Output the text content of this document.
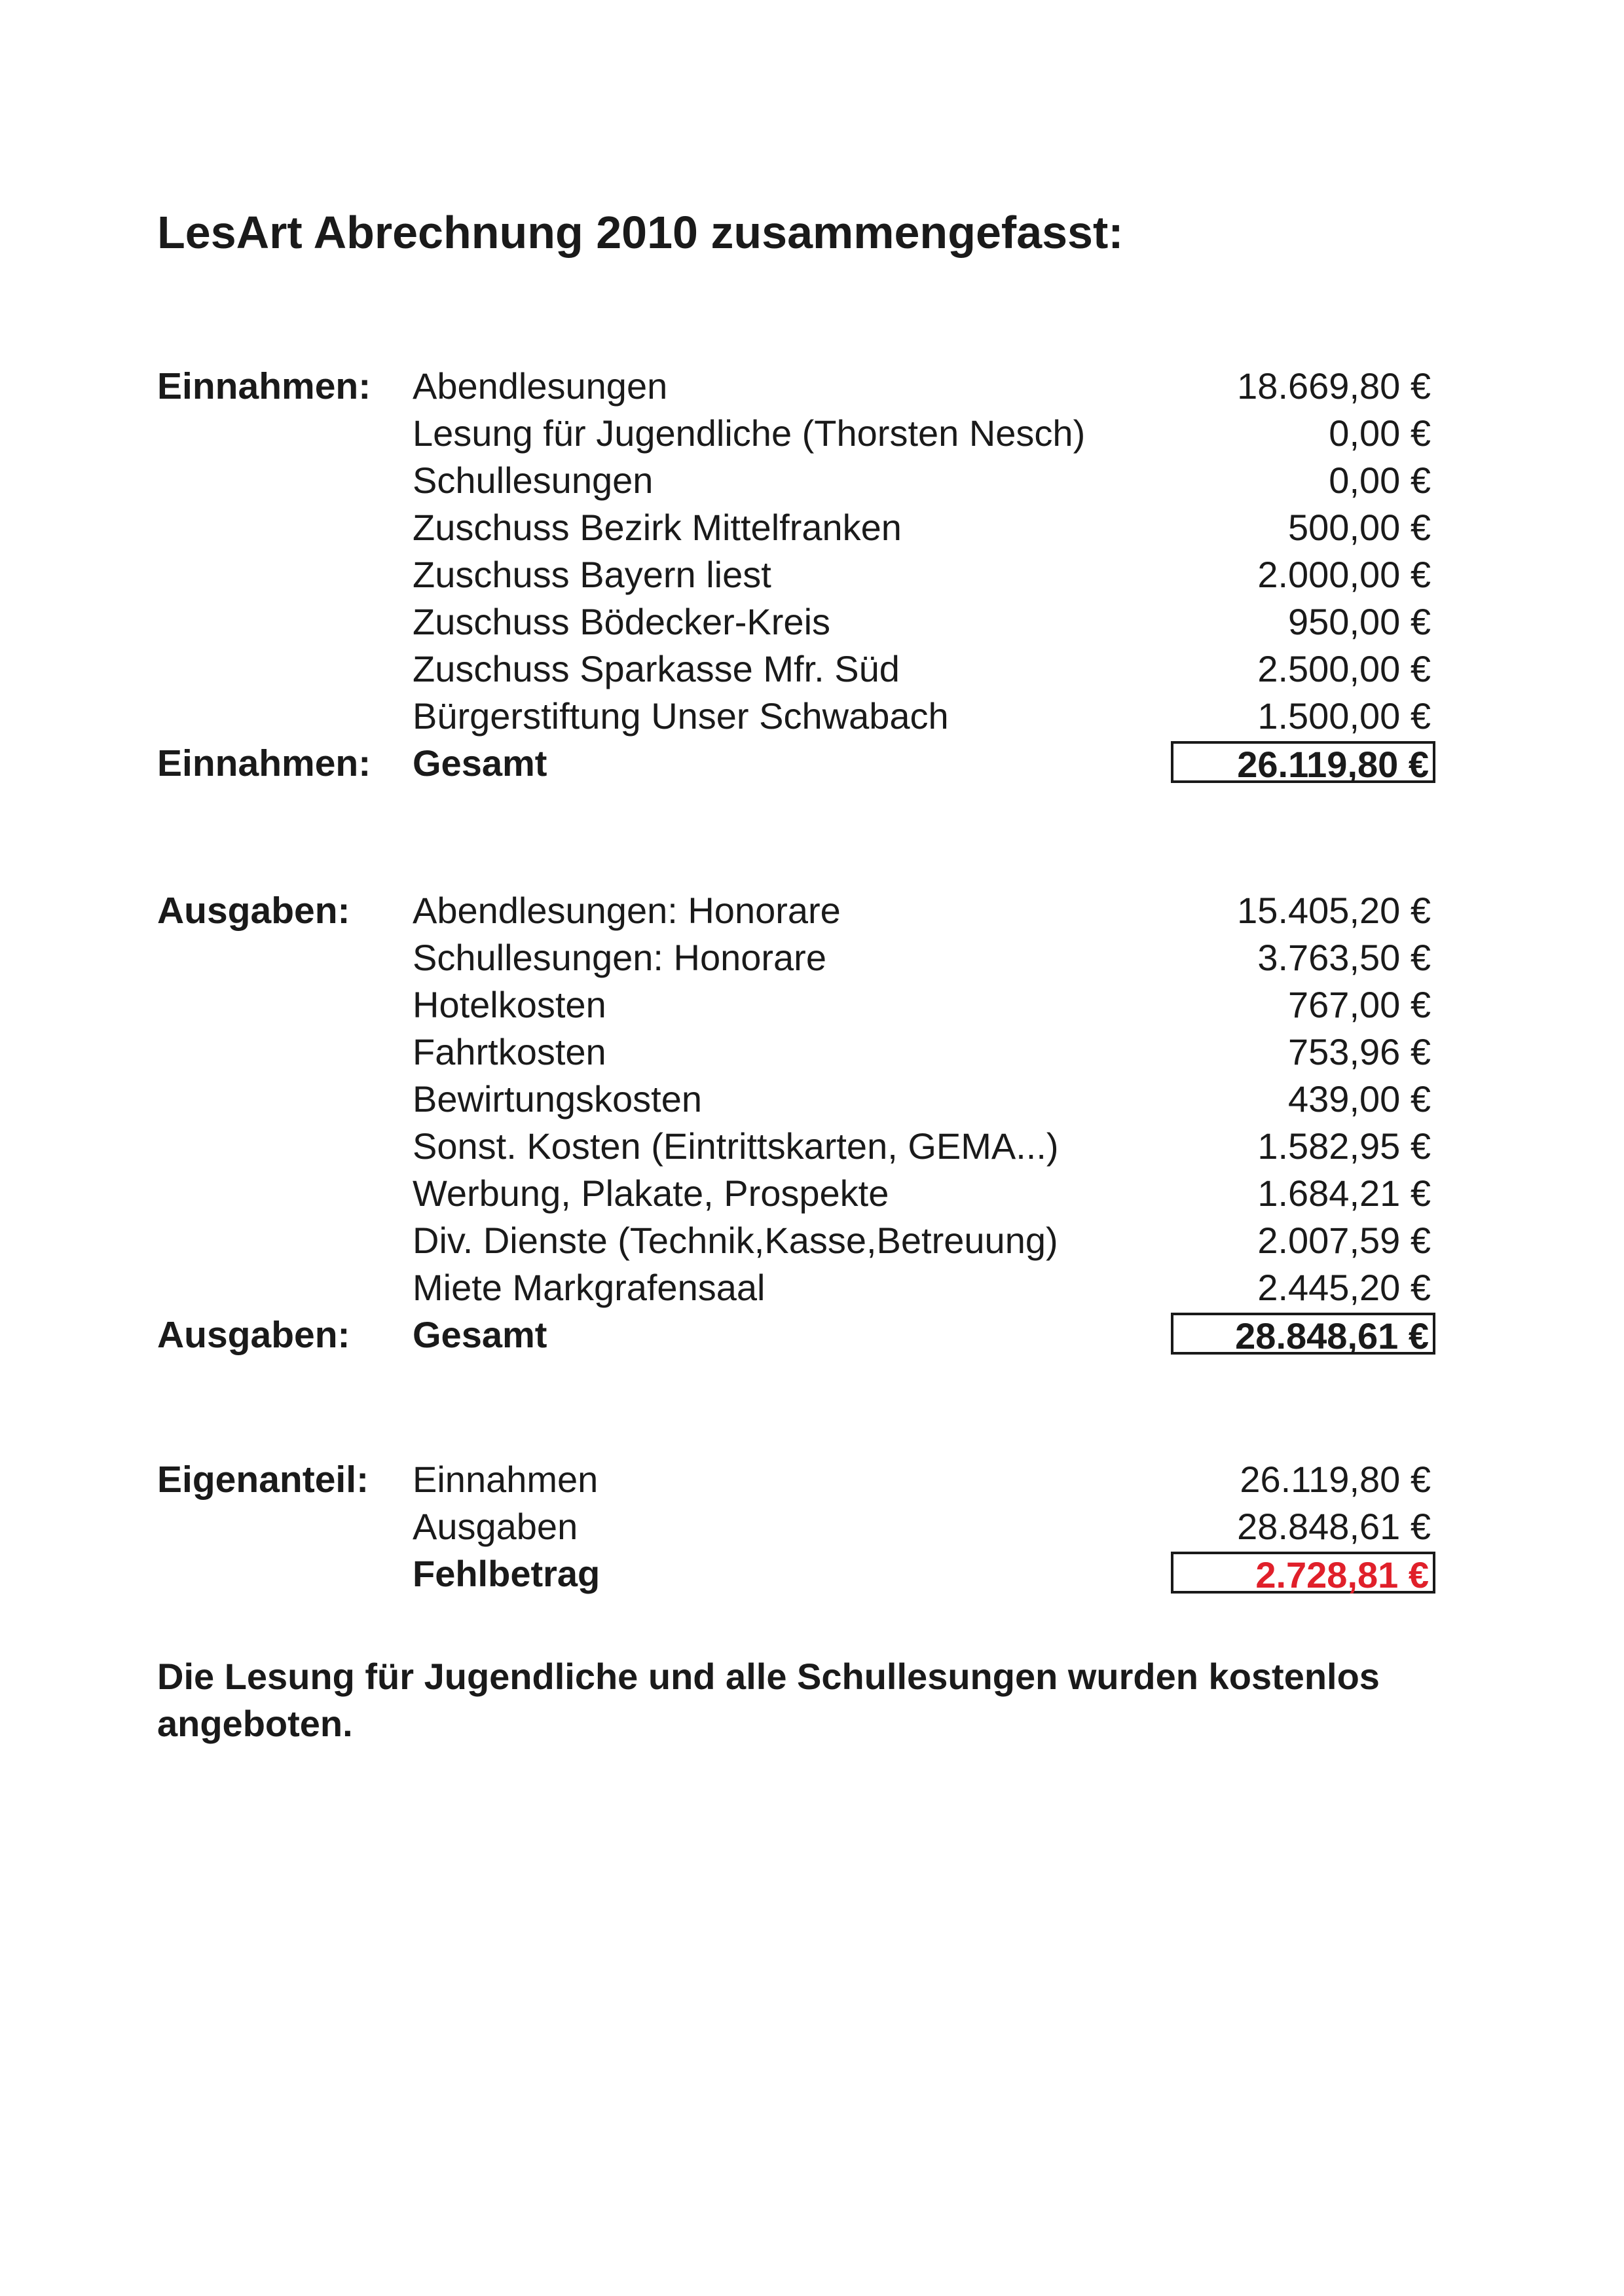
LesArt Abrechnung 2010 zusammengefasst:
Einnahmen: Abendlesungen	18.669,80 €
Lesung für Jugendliche (Thorsten Nesch)	0,00 €
Schullesungen	0,00 €
Zuschuss Bezirk Mittelfranken	500,00 €
Zuschuss Bayern liest	2.000,00 €
Zuschuss Bödecker-Kreis	950,00 €
Zuschuss Sparkasse Mfr. Süd	2.500,00 €
Bürgerstiftung Unser Schwabach	1.500,00 €
Einnahmen: Gesamt	26.119,80 €
Ausgaben: Abendlesungen: Honorare	15.405,20 €
Schullesungen: Honorare	3.763,50 €
Hotelkosten	767,00 €
Fahrtkosten	753,96 €
Bewirtungskosten	439,00 €
Sonst. Kosten (Eintrittskarten, GEMA...)	1.582,95 €
Werbung, Plakate, Prospekte	1.684,21 €
Div. Dienste (Technik,Kasse,Betreuung)	2.007,59 €
Miete Markgrafensaal	2.445,20 €
Ausgaben: Gesamt	28.848,61 €
Eigenanteil: Einnahmen	26.119,80 €
Ausgaben	28.848,61 €
Fehlbetrag	2.728,81 €

Die Lesung für Jugendliche und alle Schullesungen wurden kostenlos angeboten.
